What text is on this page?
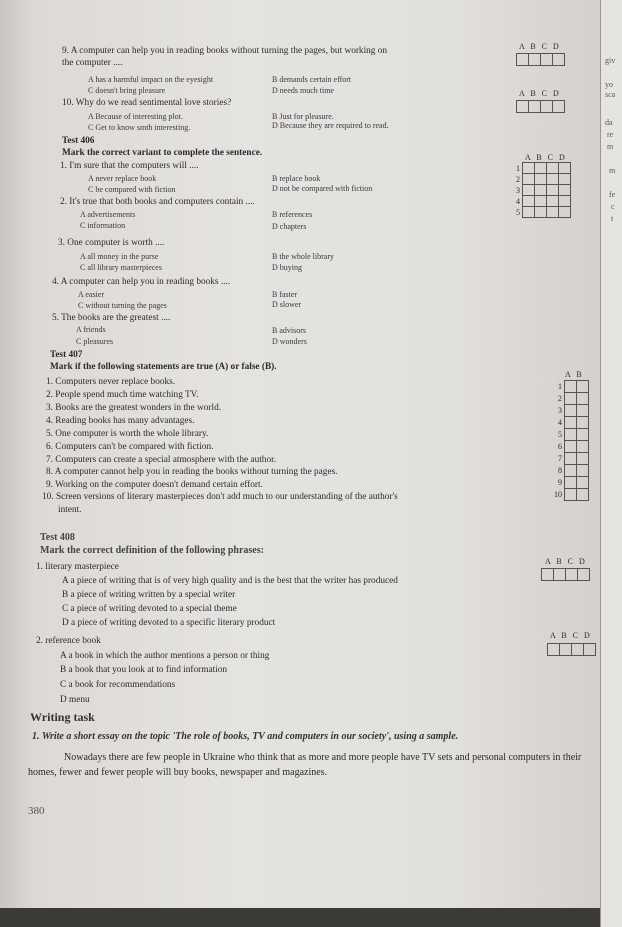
9. A computer can help you in reading books without turning the pages, but working on
the computer ....
A has a harmful impact on the eyesight	B demands certain effort
C doesn't bring pleasure	D needs much time
A B C D
10. Why do we read sentimental love stories?
A Because of interesting plot.	B Just for pleasure.
C Get to know smth interesting.	D Because they are required to read.
A B C D
Test 406
Mark the correct variant to complete the sentence.
1. I'm sure that the computers will ....
A never replace book	B replace book
C be compared with fiction	D not be compared with fiction
2. It's true that both books and computers contain ....
A advertisements	B references
C information	D chapters
3. One computer is worth ....
A all money in the purse	B the whole library
C all library masterpieces	D buying
4. A computer can help you in reading books ....
A easier	B faster
C without turning the pages	D slower
5. The books are the greatest ....
A friends	B advisors
C pleasures	D wonders
A B C D
1				
2				
3				
4				
5				
Test 407
Mark if the following statements are true (A) or false (B).
1. Computers never replace books.
2. People spend much time watching TV.
3. Books are the greatest wonders in the world.
4. Reading books has many advantages.
5. One computer is worth the whole library.
6. Computers can't be compared with fiction.
7. Computers can create a special atmosphere with the author.
8. A computer cannot help you in reading the books without turning the pages.
9. Working on the computer doesn't demand certain effort.
10. Screen versions of literary masterpieces don't add much to our understanding of the author's
intent.
A B
1		
2		
3		
4		
5		
6		
7		
8		
9		
10		
Test 408
Mark the correct definition of the following phrases:
1. literary masterpiece
A a piece of writing that is of very high quality and is the best that the writer has produced
B a piece of writing written by a special writer
C a piece of writing devoted to a special theme
D a piece of writing devoted to a specific literary product
A B C D
2. reference book
A a book in which the author mentions a person or thing
B a book that you look at to find information
C a book for recommendations
D menu
A B C D
Writing task
1. Write a short essay on the topic 'The role of books, TV and computers in our society', using a sample.
Nowadays there are few people in Ukraine who think that as more and more people have TV sets and personal computers in their homes, fewer and fewer people will buy books, newspaper and magazines.
380
giv
yo
sca
da
re
m
m
fe
c
t
